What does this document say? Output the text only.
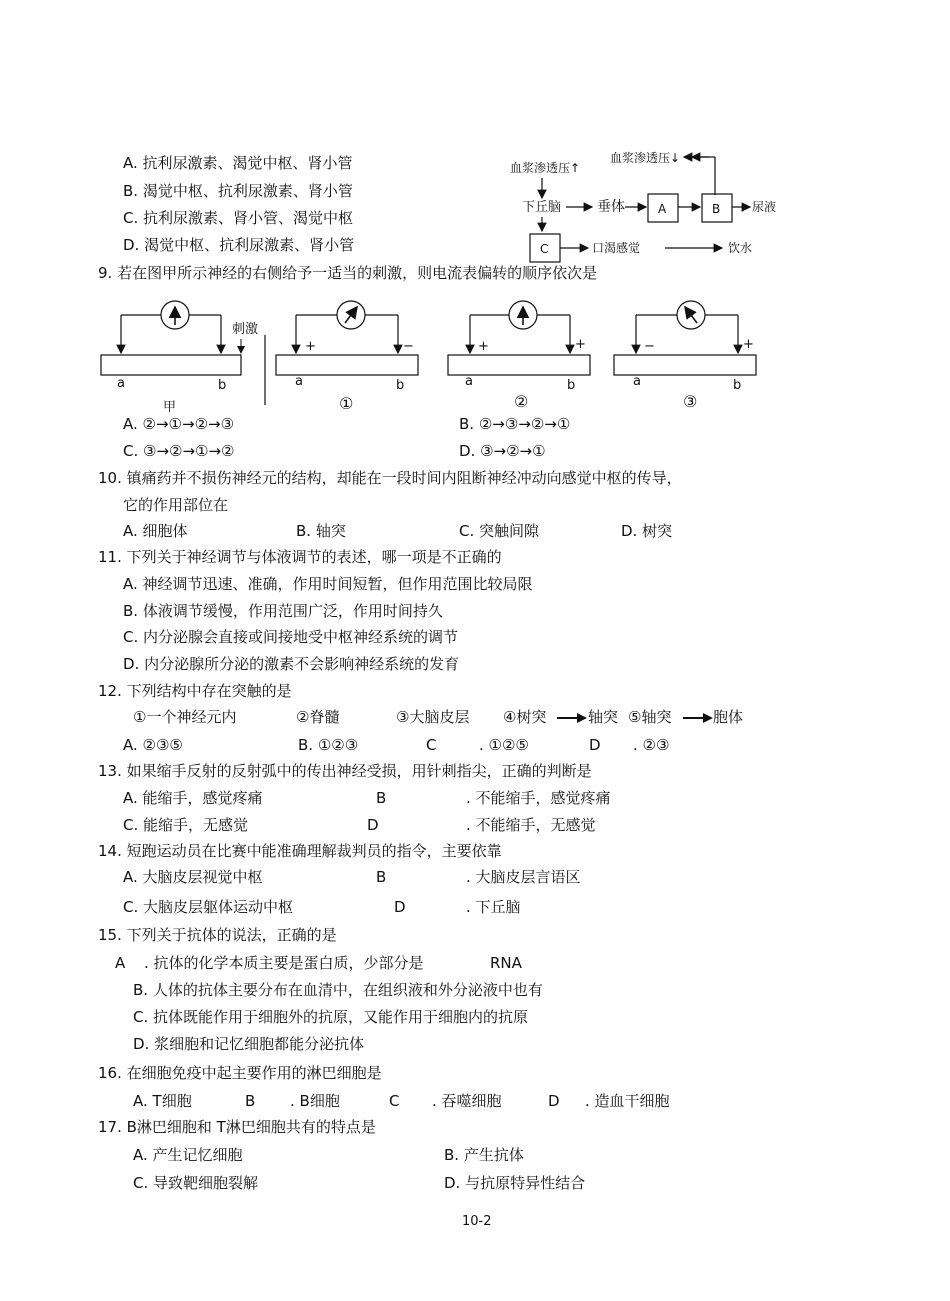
A. 抗利尿激素、渴觉中枢、肾小管
B. 渴觉中枢、抗利尿激素、肾小管
C. 抗利尿激素、肾小管、渴觉中枢
D. 渴觉中枢、抗利尿激素、肾小管
血浆渗透压↑
血浆渗透压↓
下丘脑	垂体	A	B	尿液
C	口渴感觉	饮水
9. 若在图甲所示神经的右侧给予一适当的刺激，则电流表偏转的顺序依次是
刺激
a	b
甲
+	−
a	b
①
+	+
a	b
②
−	+
a	b
③
A. ②→①→②→③	B. ②→③→②→①
C. ③→②→①→②	D. ③→②→①
10. 镇痛药并不损伤神经元的结构，却能在一段时间内阻断神经冲动向感觉中枢的传导，
它的作用部位在
A. 细胞体	B. 轴突	C. 突触间隙	D. 树突
11. 下列关于神经调节与体液调节的表述，哪一项是不正确的
A. 神经调节迅速、准确，作用时间短暂，但作用范围比较局限
B. 体液调节缓慢，作用范围广泛，作用时间持久
C. 内分泌腺会直接或间接地受中枢神经系统的调节
D. 内分泌腺所分泌的激素不会影响神经系统的发育
12. 下列结构中存在突触的是
①一个神经元内	②脊髓	③大脑皮层 ④树突	轴突 ⑤轴突	胞体
A. ②③⑤	B. ①②③	C	. ①②⑤	D . ②③
13. 如果缩手反射的反射弧中的传出神经受损，用针刺指尖，正确的判断是
A. 能缩手，感觉疼痛	B	. 不能缩手，感觉疼痛
C. 能缩手，无感觉	D	. 不能缩手，无感觉
14. 短跑运动员在比赛中能准确理解裁判员的指令，主要依靠
A. 大脑皮层视觉中枢	B	. 大脑皮层言语区
C. 大脑皮层躯体运动中枢	D	. 下丘脑
15. 下列关于抗体的说法，正确的是
A . 抗体的化学本质主要是蛋白质，少部分是	RNA
B. 人体的抗体主要分布在血清中，在组织液和外分泌液中也有
C. 抗体既能作用于细胞外的抗原，又能作用于细胞内的抗原
D. 浆细胞和记忆细胞都能分泌抗体
16. 在细胞免疫中起主要作用的淋巴细胞是
A. T细胞	B . B细胞	C . 吞噬细胞	D . 造血干细胞
17. B淋巴细胞和 T淋巴细胞共有的特点是
A. 产生记忆细胞	B. 产生抗体
C. 导致靶细胞裂解	D. 与抗原特异性结合
10-2
